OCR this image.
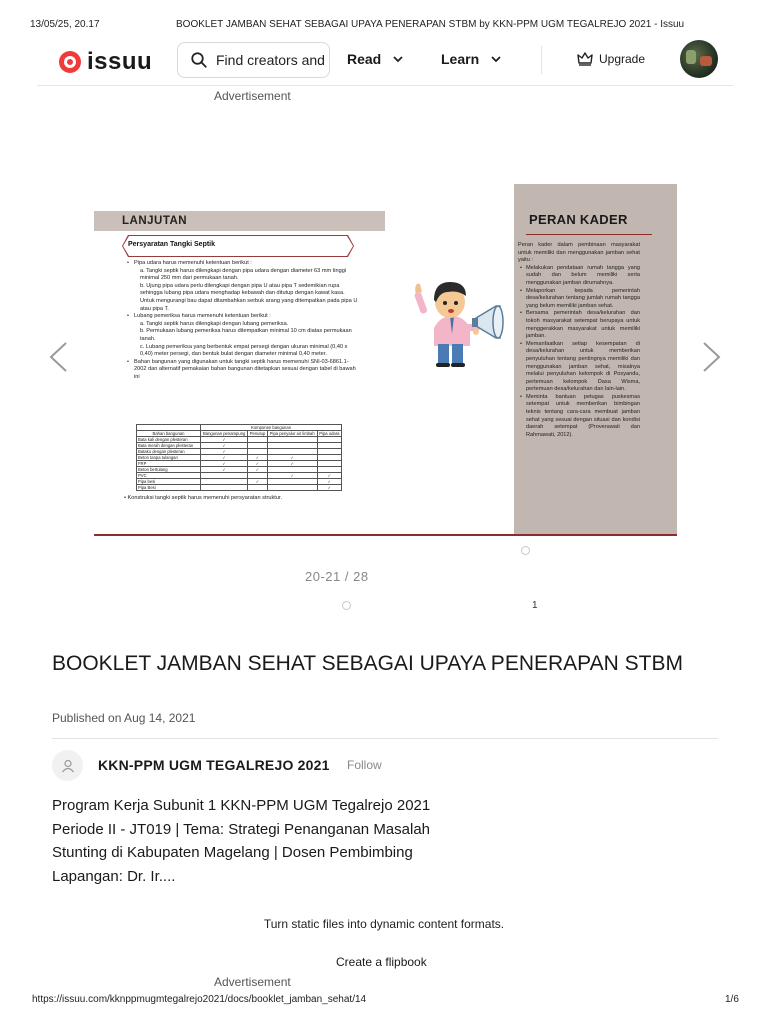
13/05/25, 20.17	BOOKLET JAMBAN SEHAT SEBAGAI UPAYA PENERAPAN STBM by KKN-PPM UGM TEGALREJO 2021 - Issuu
issuu
Find creators and content	Read	Learn	Upgrade
Advertisement
LANJUTAN
Persyaratan Tangki Septik
• Pipa udara harus memenuhi ketentuan berikut :
a. Tangki septik harus dilengkapi dengan pipa udara dengan diameter 63 mm tinggi minimal 250 mm dari permukaan tanah.
b. Ujung pipa udara perlu dilengkapi dengan pipa U atau pipa T sedemikian rupa sehingga lubang pipa udara menghadap kebawah dan ditutup dengan kawat kasa. Untuk mengurangi bau dapat ditambahkan serbuk arang yang ditempatkan pada pipa U atau pipa T.
• Lubang pemeriksa harus memenuhi ketentuan berikut :
a. Tangki septik harus dilengkapi dengan lubang pemeriksa.
b. Permukaan lubang pemeriksa harus ditempatkan minimal 10 cm diatas permukaan tanah.
c. Lubang pemeriksa yang berbentuk empat persegi dengan ukuran minimal (0,40 x 0,40) meter persegi, dan bentuk bulat dengan diameter minimal 0,40 meter.
• Bahan bangunan yang digunakan untuk tangki septik harus memenuhi SNI-03-6861.1-2002 dan alternatif pemakaian bahan bangunan ditetapkan sesuai dengan tabel di bawah ini
	Komponen bangunan			
Bahan bangunan	Bangunan penampung	Penutup	Pipa penyalur air limbah	Pipa udara
Bata kali dengan plesteran	✓			
Bata merah dengan plesteran	✓			
Batako dengan plesteran	✓			
Beton tanpa tulangan	✓	✓	✓	
FRP	✓	✓	✓	
Beton bertulang	✓	✓		
PVC			✓	✓
Pipa besi		✓		✓
Pipa Besi				✓
• Konstruksi tangki septik harus memenuhi persyaratan struktur.
PERAN KADER
Peran kader dalam pembinaan masyarakat untuk memiliki dan menggunakan jamban sehat yaitu :
• Melakukan pendataan rumah tangga yang sudah dan belum memiliki serta menggunakan jamban dirumahnya.
• Melaporkan kepada pemerintah desa/kelurahan tentang jumlah rumah tangga yang belum memiliki jamban sehat.
• Bersama pemerintah desa/kelurahan dan tokoh masyarakat setempat berupaya untuk menggerakkan masyarakat untuk memiliki jamban.
• Memanfaatkan setiap kesempatan di desa/kelurahan untuk memberikan penyuluhan tentang pentingnya memiliki dan menggunakan jamban sehat, misalnya melalui penyuluhan kelompok di Posyandu, pertemuan kelompok Dasa Wisma, pertemuan desa/kelurahan dan lain-lain.
• Meminta bantuan petugas puskesmas setempat untuk memberikan bimbingan teknis tentang cara-cara membuat jamban sehat yang sesuai dengan situasi dan kondisi daerah setempat (Proverawati dan Rahmawati, 2012).
20-21 / 28
1
BOOKLET JAMBAN SEHAT SEBAGAI UPAYA PENERAPAN STBM
Published on Aug 14, 2021
KKN-PPM UGM TEGALREJO 2021 Follow

Program Kerja Subunit 1 KKN-PPM UGM Tegalrejo 2021 Periode II - JT019 | Tema: Strategi Penanganan Masalah Stunting di Kabupaten Magelang | Dosen Pembimbing Lapangan: Dr. Ir....

Turn static files into dynamic content formats.
Create a flipbook
Advertisement
https://issuu.com/kknppmugmtegalrejo2021/docs/booklet_jamban_sehat/14	1/6
